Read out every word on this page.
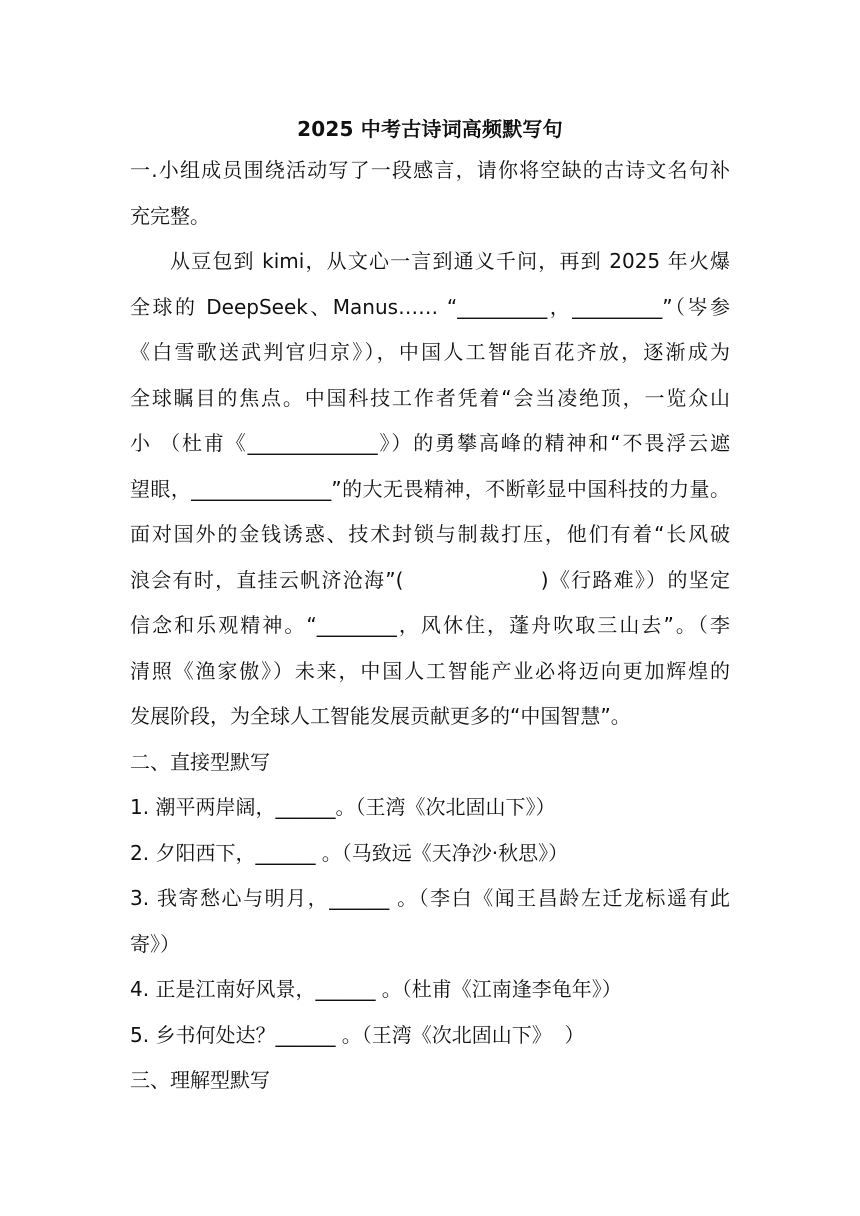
2025 中考古诗词高频默写句
一.小组成员围绕活动写了一段感言，请你将空缺的古诗文名句补
充完整。
从豆包到 kimi，从文心一言到通义千问，再到 2025 年火爆
全球的 DeepSeek、Manus…… “_________，_________”（岑参
《白雪歌送武判官归京》），中国人工智能百花齐放，逐渐成为
全球瞩目的焦点。中国科技工作者凭着“会当凌绝顶，一览众山
小 （杜甫《_____________》）的勇攀高峰的精神和“不畏浮云遮
望眼，______________”的大无畏精神，不断彰显中国科技的力量。
面对国外的金钱诱惑、技术封锁与制裁打压，他们有着“长风破
浪会有时，直挂云帆济沧海”(                  )《行路难》）的坚定
信念和乐观精神。“________，风休住，蓬舟吹取三山去”。（李
清照《渔家傲》）未来，中国人工智能产业必将迈向更加辉煌的
发展阶段，为全球人工智能发展贡献更多的“中国智慧”。
二、直接型默写
1. 潮平两岸阔，______。（王湾《次北固山下》）
2. 夕阳西下，______ 。（马致远《天净沙·秋思》）
3. 我寄愁心与明月，______ 。（李白《闻王昌龄左迁龙标遥有此
寄》）
4. 正是江南好风景，______ 。（杜甫《江南逢李龟年》）
5. 乡书何处达？______ 。（王湾《次北固山下》  ）
三、理解型默写
